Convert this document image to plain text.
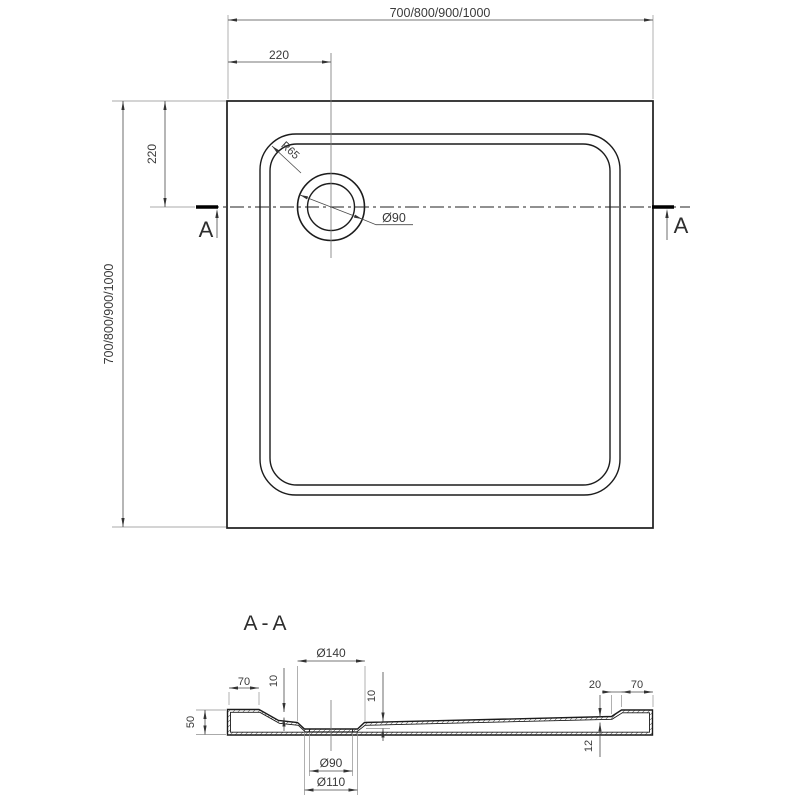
A	A
R65
Ø90
700/800/900/1000
220
700/800/900/1000
220
A-A
50
70 10
Ø140
10
20	70
12
Ø90
Ø110
